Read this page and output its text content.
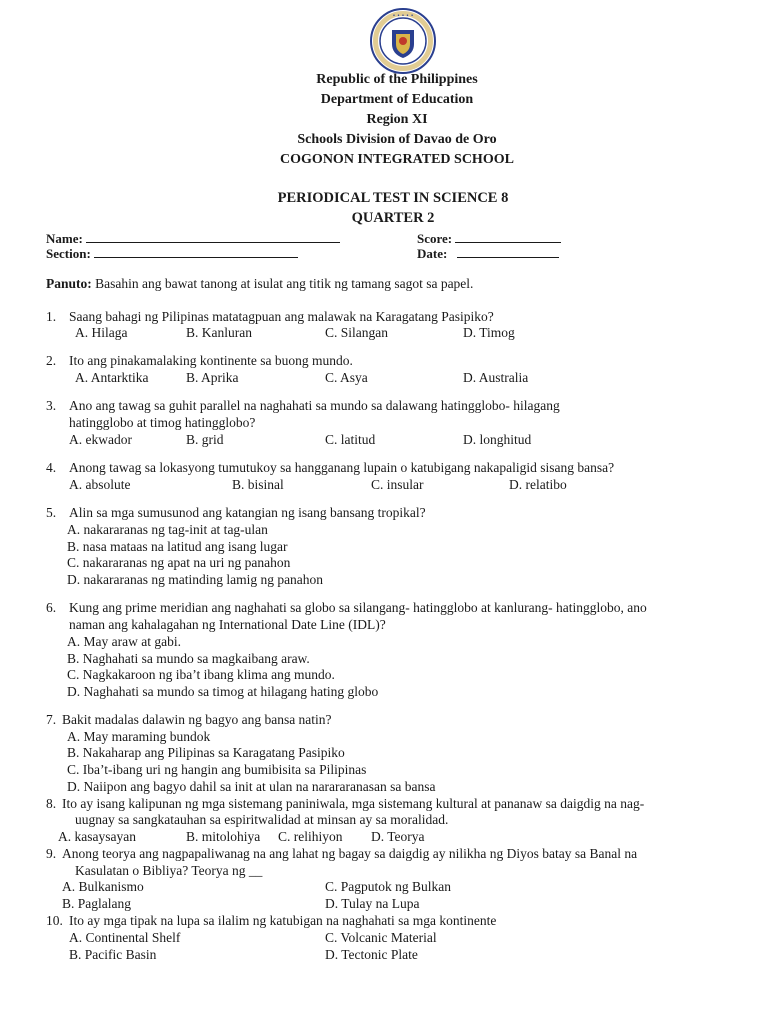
• • • • •
Republic of the Philippines
Department of Education
Region XI
Schools Division of Davao de Oro
COGONON INTEGRATED SCHOOL
PERIODICAL TEST IN SCIENCE 8
QUARTER 2
Name:	Score:
Section:	Date:
Panuto: Basahin ang bawat tanong at isulat ang titik ng tamang sagot sa papel.
1. Saang bahagi ng Pilipinas matatagpuan ang malawak na Karagatang Pasipiko?
A. Hilaga	B. Kanluran	C. Silangan	D. Timog
2. Ito ang pinakamalaking kontinente sa buong mundo.
A. Antarktika	B. Aprika	C. Asya	D. Australia
3. Ano ang tawag sa guhit parallel na naghahati sa mundo sa dalawang hatingglobo- hilagang
hatingglobo at timog hatingglobo?
A. ekwador	B. grid	C. latitud	D. longhitud
4. Anong tawag sa lokasyong tumutukoy sa hangganang lupain o katubigang nakapaligid sisang bansa?
A. absolute	B. bisinal	C. insular	D. relatibo
5. Alin sa mga sumusunod ang katangian ng isang bansang tropikal?
A. nakararanas ng tag-init at tag-ulan
B. nasa mataas na latitud ang isang lugar
C. nakararanas ng apat na uri ng panahon
D. nakararanas ng matinding lamig ng panahon
6. Kung ang prime meridian ang naghahati sa globo sa silangang- hatingglobo at kanlurang- hatingglobo, ano
naman ang kahalagahan ng International Date Line (IDL)?
A. May araw at gabi.
B. Naghahati sa mundo sa magkaibang araw.
C. Nagkakaroon ng iba’t ibang klima ang mundo.
D. Naghahati sa mundo sa timog at hilagang hating globo
7. Bakit madalas dalawin ng bagyo ang bansa natin?
A. May maraming bundok
B. Nakaharap ang Pilipinas sa Karagatang Pasipiko
C. Iba’t-ibang uri ng hangin ang bumibisita sa Pilipinas
D. Naiipon ang bagyo dahil sa init at ulan na narararanasan sa bansa
8. Ito ay isang kalipunan ng mga sistemang paniniwala, mga sistemang kultural at pananaw sa daigdig na nag-
uugnay sa sangkatauhan sa espiritwalidad at minsan ay sa moralidad.
A. kasaysayan	B. mitolohiya C. relihiyon D. Teorya
9. Anong teorya ang nagpapaliwanag na ang lahat ng bagay sa daigdig ay nilikha ng Diyos batay sa Banal na
Kasulatan o Bibliya? Teorya ng __
A. Bulkanismo	C. Pagputok ng Bulkan
B. Paglalang	D. Tulay na Lupa
10. Ito ay mga tipak na lupa sa ilalim ng katubigan na naghahati sa mga kontinente
A. Continental Shelf	C. Volcanic Material
B. Pacific Basin	D. Tectonic Plate
